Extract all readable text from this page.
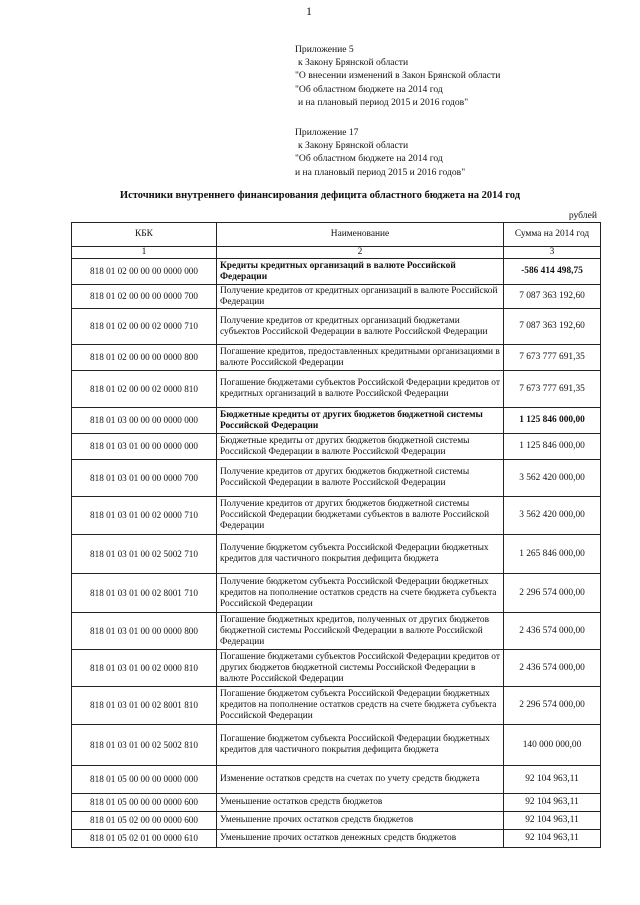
1
Приложение 5
к Закону Брянской области
"О внесении изменений в Закон Брянской области
"Об областном бюджете на 2014 год
и на плановый период 2015 и 2016 годов"
Приложение 17
к Закону Брянской области
"Об областном бюджете на 2014 год
и на плановый период 2015 и 2016 годов"
Источники внутреннего финансирования дефицита областного бюджета на 2014 год
рублей
КБК	Наименование	Сумма на 2014 год
1	2	3
818 01 02 00 00 00 0000 000	Кредиты кредитных организаций в валюте Российской Федерации	-586 414 498,75
818 01 02 00 00 00 0000 700	Получение кредитов от кредитных организаций в валюте Российской Федерации	7 087 363 192,60
818 01 02 00 00 02 0000 710	Получение кредитов от кредитных организаций бюджетами субъектов Российской Федерации в валюте Российской Федерации	7 087 363 192,60
818 01 02 00 00 00 0000 800	Погашение кредитов, предоставленных кредитными организациями в валюте Российской Федерации	7 673 777 691,35
818 01 02 00 00 02 0000 810	Погашение бюджетами субъектов Российской Федерации кредитов от кредитных организаций в валюте Российской Федерации	7 673 777 691,35
818 01 03 00 00 00 0000 000	Бюджетные кредиты от других бюджетов бюджетной системы Российской Федерации	1 125 846 000,00
818 01 03 01 00 00 0000 000	Бюджетные кредиты от других бюджетов бюджетной системы Российской Федерации в валюте Российской Федерации	1 125 846 000,00
818 01 03 01 00 00 0000 700	Получение кредитов от других бюджетов бюджетной системы Российской Федерации в валюте Российской Федерации	3 562 420 000,00
818 01 03 01 00 02 0000 710	Получение кредитов от других бюджетов бюджетной системы Российской Федерации бюджетами субъектов в валюте Российской Федерации	3 562 420 000,00
818 01 03 01 00 02 5002 710	Получение бюджетом субъекта Российской Федерации бюджетных кредитов для частичного покрытия дефицита бюджета	1 265 846 000,00
818 01 03 01 00 02 8001 710	Получение бюджетом субъекта Российской Федерации бюджетных кредитов на пополнение остатков средств на счете бюджета субъекта Российской Федерации	2 296 574 000,00
818 01 03 01 00 00 0000 800	Погашение бюджетных кредитов, полученных от других бюджетов бюджетной системы Российской Федерации в валюте Российской Федерации	2 436 574 000,00
818 01 03 01 00 02 0000 810	Погашение бюджетами субъектов Российской Федерации кредитов от других бюджетов бюджетной системы Российской Федерации в валюте Российской Федерации	2 436 574 000,00
818 01 03 01 00 02 8001 810	Погашение бюджетом субъекта Российской Федерации бюджетных кредитов на пополнение остатков средств на счете бюджета субъекта Российской Федерации	2 296 574 000,00
818 01 03 01 00 02 5002 810	Погашение бюджетом субъекта Российской Федерации бюджетных кредитов для частичного покрытия дефицита бюджета	140 000 000,00
818 01 05 00 00 00 0000 000	Изменение остатков средств на счетах по учету средств бюджета	92 104 963,11
818 01 05 00 00 00 0000 600	Уменьшение остатков средств бюджетов	92 104 963,11
818 01 05 02 00 00 0000 600	Уменьшение прочих остатков средств бюджетов	92 104 963,11
818 01 05 02 01 00 0000 610	Уменьшение прочих остатков денежных средств бюджетов	92 104 963,11
